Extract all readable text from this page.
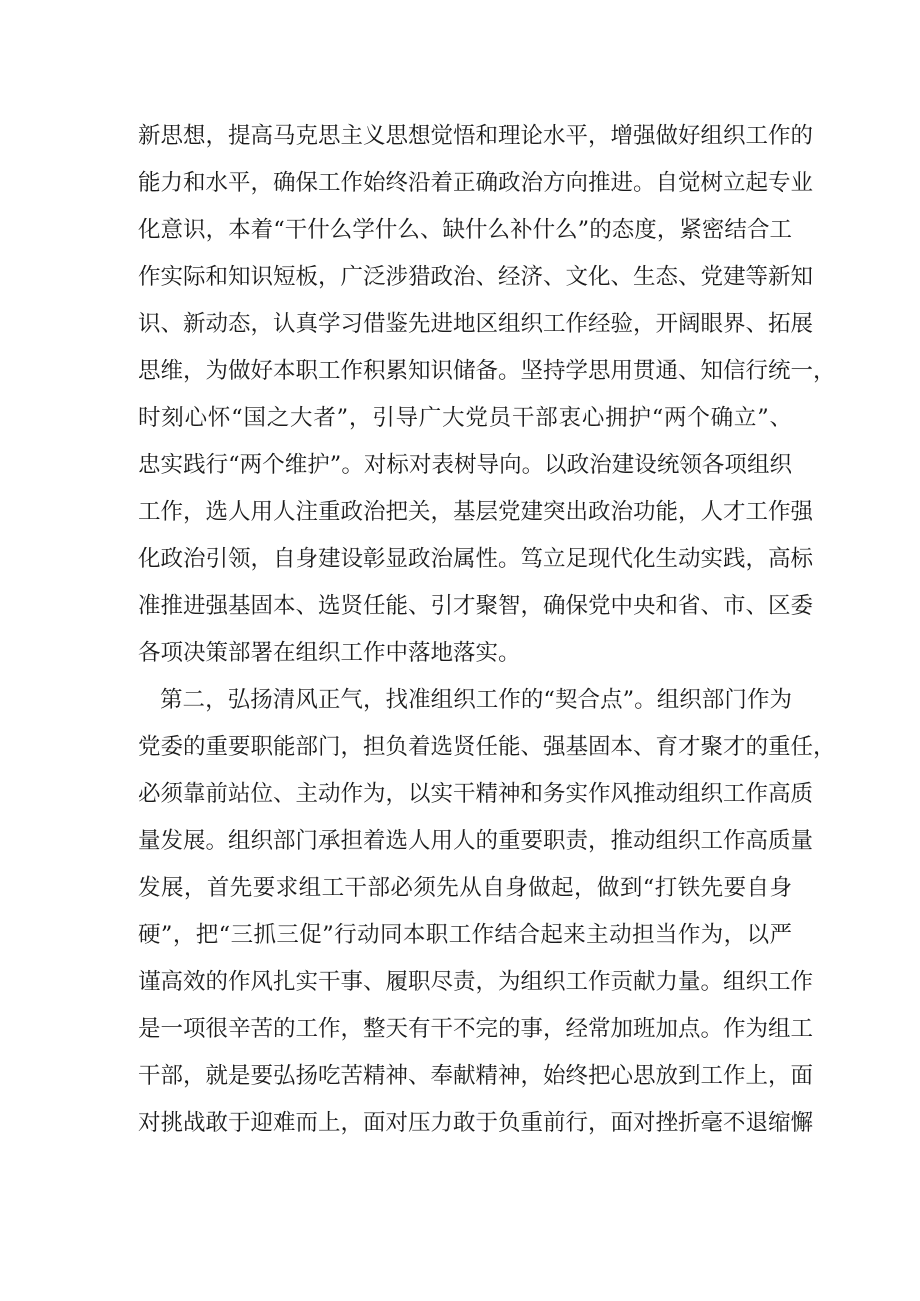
新思想，提高马克思主义思想觉悟和理论水平，增强做好组织工作的
能力和水平，确保工作始终沿着正确政治方向推进。自觉树立起专业
化意识，本着“干什么学什么、缺什么补什么”的态度，紧密结合工
作实际和知识短板，广泛涉猎政治、经济、文化、生态、党建等新知
识、新动态，认真学习借鉴先进地区组织工作经验，开阔眼界、拓展
思维，为做好本职工作积累知识储备。坚持学思用贯通、知信行统一，
时刻心怀“国之大者”，引导广大党员干部衷心拥护“两个确立”、
忠实践行“两个维护”。对标对表树导向。以政治建设统领各项组织
工作，选人用人注重政治把关，基层党建突出政治功能，人才工作强
化政治引领，自身建设彰显政治属性。笃立足现代化生动实践，高标
准推进强基固本、选贤任能、引才聚智，确保党中央和省、市、区委
各项决策部署在组织工作中落地落实。
第二，弘扬清风正气，找准组织工作的“契合点”。组织部门作为
党委的重要职能部门，担负着选贤任能、强基固本、育才聚才的重任，
必须靠前站位、主动作为，以实干精神和务实作风推动组织工作高质
量发展。组织部门承担着选人用人的重要职责，推动组织工作高质量
发展，首先要求组工干部必须先从自身做起，做到“打铁先要自身
硬”，把“三抓三促”行动同本职工作结合起来主动担当作为，以严
谨高效的作风扎实干事、履职尽责，为组织工作贡献力量。组织工作
是一项很辛苦的工作，整天有干不完的事，经常加班加点。作为组工
干部，就是要弘扬吃苦精神、奉献精神，始终把心思放到工作上，面
对挑战敢于迎难而上，面对压力敢于负重前行，面对挫折毫不退缩懈
